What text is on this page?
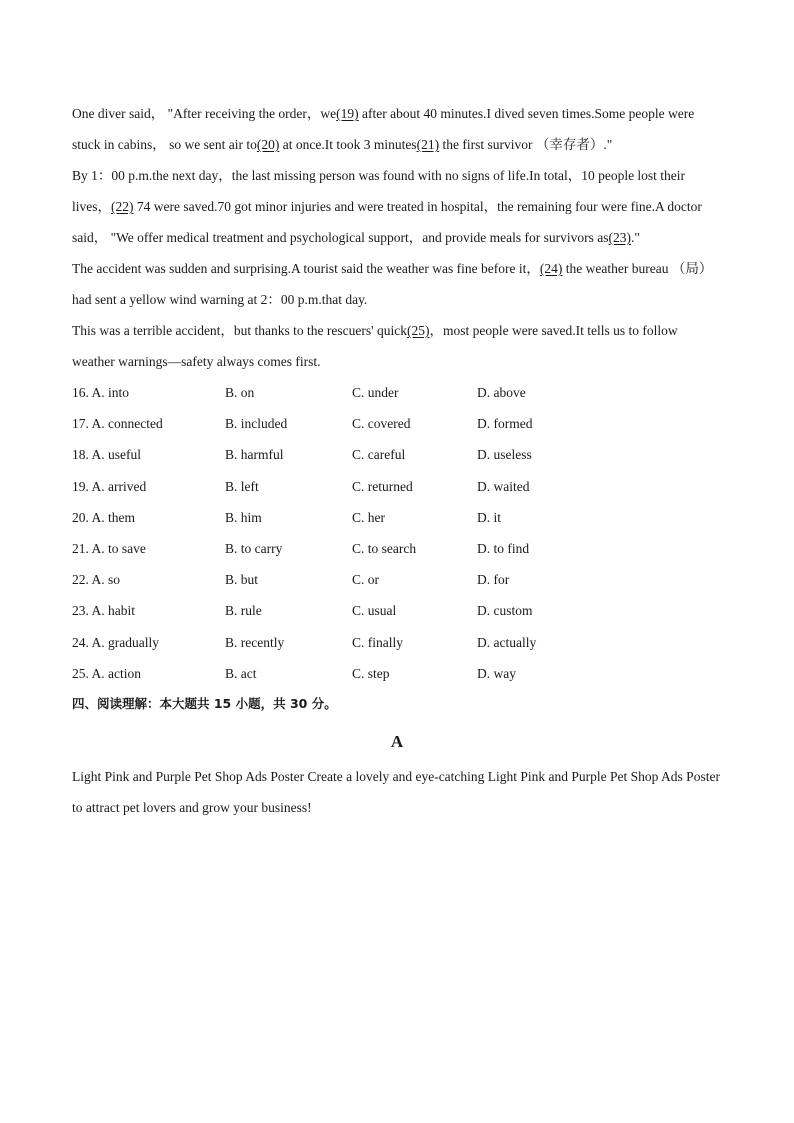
One diver said， "After receiving the order，we(19) after about 40 minutes.I dived seven times.Some people were stuck in cabins， so we sent air to(20) at once.It took 3 minutes(21) the first survivor （幸存者）."

By 1：00 p.m.the next day，the last missing person was found with no signs of life.In total，10 people lost their lives，(22) 74 were saved.70 got minor injuries and were treated in hospital，the remaining four were fine.A doctor said， "We offer medical treatment and psychological support，and provide meals for survivors as(23)."

The accident was sudden and surprising.A tourist said the weather was fine before it，(24) the weather bureau （局） had sent a yellow wind warning at 2：00 p.m.that day.

This was a terrible accident，but thanks to the rescuers' quick(25)，most people were saved.It tells us to follow weather warnings—safety always comes first.

16. A. into	B. on	C. under	D. above
17. A. connected	B. included	C. covered	D. formed
18. A. useful	B. harmful	C. careful	D. useless
19. A. arrived	B. left	C. returned	D. waited
20. A. them	B. him	C. her	D. it
21. A. to save	B. to carry	C. to search	D. to find
22. A. so	B. but	C. or	D. for
23. A. habit	B. rule	C. usual	D. custom
24. A. gradually	B. recently	C. finally	D. actually
25. A. action	B. act	C. step	D. way
四、阅读理解：本大题共 15 小题，共 30 分。
A

Light Pink and Purple Pet Shop Ads Poster Create a lovely and eye-catching Light Pink and Purple Pet Shop Ads Poster to attract pet lovers and grow your business!
